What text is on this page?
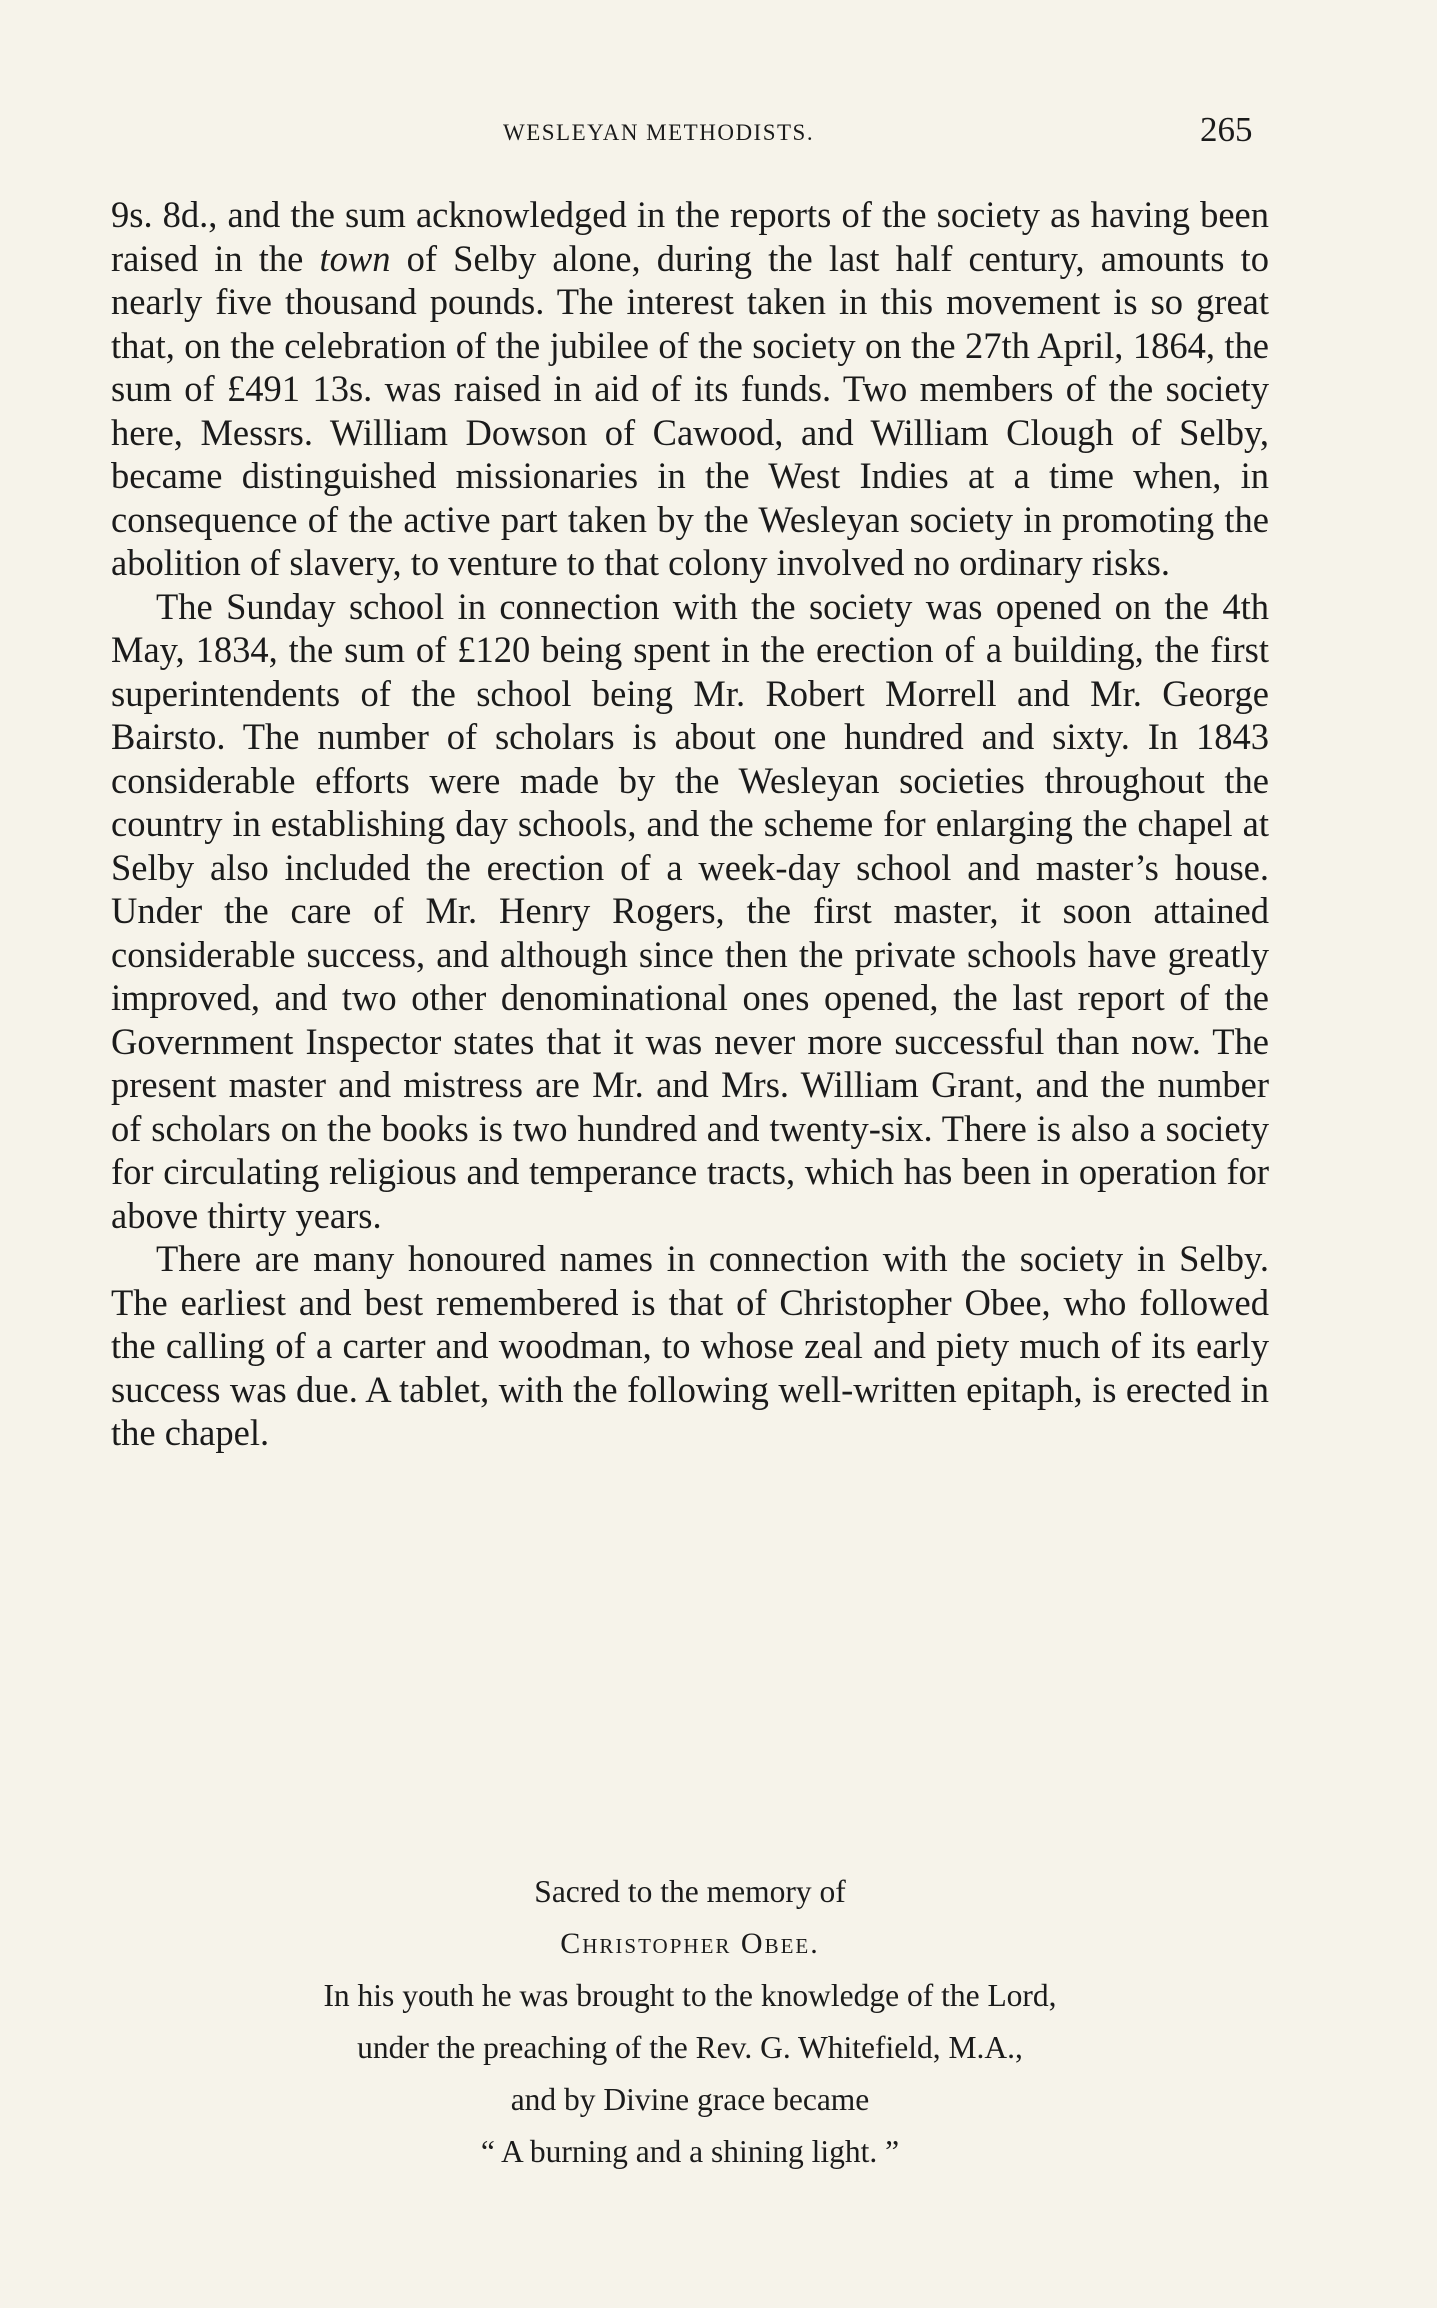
WESLEYAN METHODISTS.	265

9s. 8d., and the sum acknowledged in the reports of the society as having been raised in the town of Selby alone, during the last half century, amounts to nearly five thousand pounds. The interest taken in this movement is so great that, on the celebration of the jubilee of the society on the 27th April, 1864, the sum of £491 13s. was raised in aid of its funds. Two members of the society here, Messrs. William Dowson of Cawood, and William Clough of Selby, became distinguished missionaries in the West Indies at a time when, in consequence of the active part taken by the Wesleyan society in promoting the abolition of slavery, to venture to that colony involved no ordinary risks.

The Sunday school in connection with the society was opened on the 4th May, 1834, the sum of £120 being spent in the erection of a building, the first superintendents of the school being Mr. Robert Morrell and Mr. George Bairsto. The number of scholars is about one hundred and sixty. In 1843 considerable efforts were made by the Wesleyan societies throughout the country in establishing day schools, and the scheme for enlarging the chapel at Selby also included the erection of a week-day school and master’s house. Under the care of Mr. Henry Rogers, the first master, it soon attained considerable success, and although since then the private schools have greatly improved, and two other denominational ones opened, the last report of the Government Inspector states that it was never more successful than now. The present master and mistress are Mr. and Mrs. William Grant, and the number of scholars on the books is two hundred and twenty-six. There is also a society for circulating religious and temperance tracts, which has been in operation for above thirty years.

There are many honoured names in connection with the society in Selby. The earliest and best remembered is that of Christopher Obee, who followed the calling of a carter and woodman, to whose zeal and piety much of its early success was due. A tablet, with the following well-written epitaph, is erected in the chapel.

Sacred to the memory of
Christopher Obee.
In his youth he was brought to the knowledge of the Lord,
under the preaching of the Rev. G. Whitefield, M.A.,
and by Divine grace became
“ A burning and a shining light. ”
